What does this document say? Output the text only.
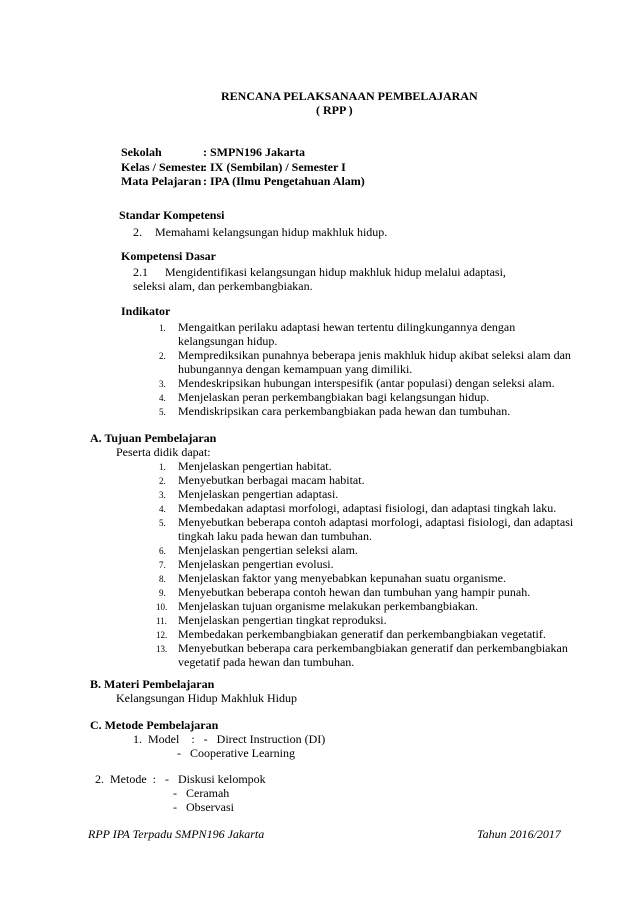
RENCANA PELAKSANAAN PEMBELAJARAN
( RPP )
Sekolah	: SMPN196 Jakarta
Kelas / Semester
: IX (Sembilan) / Semester I
Mata Pelajaran : IPA (Ilmu Pengetahuan Alam)
Standar Kompetensi
2. Memahami kelangsungan hidup makhluk hidup.
Kompetensi Dasar
2.1 Mengidentifikasi kelangsungan hidup makhluk hidup melalui adaptasi,
seleksi alam, dan perkembangbiakan.
Indikator
1. Mengaitkan perilaku adaptasi hewan tertentu dilingkungannya dengan
kelangsungan hidup.
2. Memprediksikan punahnya beberapa jenis makhluk hidup akibat seleksi alam dan
hubungannya dengan kemampuan yang dimiliki.
3. Mendeskripsikan hubungan interspesifik (antar populasi) dengan seleksi alam.
4. Menjelaskan peran perkembangbiakan bagi kelangsungan hidup.
5. Mendiskripsikan cara perkembangbiakan pada hewan dan tumbuhan.
A. Tujuan Pembelajaran
Peserta didik dapat:
1. Menjelaskan pengertian habitat.
2. Menyebutkan berbagai macam habitat.
3. Menjelaskan pengertian adaptasi.
4. Membedakan adaptasi morfologi, adaptasi fisiologi, dan adaptasi tingkah laku.
5. Menyebutkan beberapa contoh adaptasi morfologi, adaptasi fisiologi, dan adaptasi
tingkah laku pada hewan dan tumbuhan.
6. Menjelaskan pengertian seleksi alam.
7. Menjelaskan pengertian evolusi.
8. Menjelaskan faktor yang menyebabkan kepunahan suatu organisme.
9. Menyebutkan beberapa contoh hewan dan tumbuhan yang hampir punah.
10. Menjelaskan tujuan organisme melakukan perkembangbiakan.
11. Menjelaskan pengertian tingkat reproduksi.
12. Membedakan perkembangbiakan generatif dan perkembangbiakan vegetatif.
13. Menyebutkan beberapa cara perkembangbiakan generatif dan perkembangbiakan
vegetatif pada hewan dan tumbuhan.
B. Materi Pembelajaran
Kelangsungan Hidup Makhluk Hidup
C. Metode Pembelajaran
1.  Model    :   -   Direct Instruction (DI)
-   Cooperative Learning
2.  Metode  :   -   Diskusi kelompok
-   Ceramah
-   Observasi
RPP IPA Terpadu SMPN196 Jakarta	Tahun 2016/2017
